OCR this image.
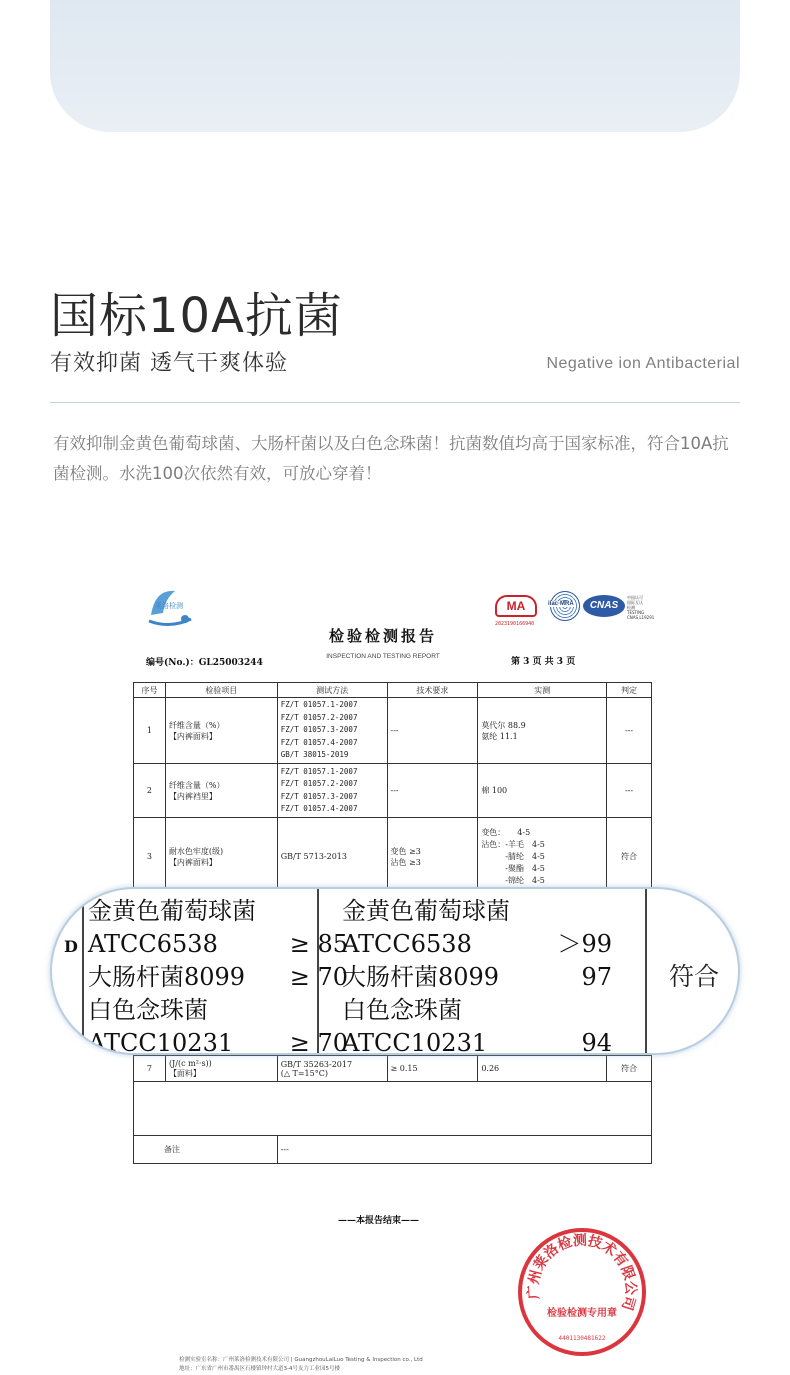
国标10A抗菌
有效抑菌 透气干爽体验	Negative ion Antibacterial
有效抑制金黄色葡萄球菌、大肠杆菌以及白色念珠菌！抗菌数值均高于国家标准，符合10A抗菌检测。水洗100次依然有效，可放心穿着！
莱洛检测	MA
2023190166940
ilac·MRA	CNAS
中国认可
国际互认
检测
TESTING
CNAS L19291
检验检测报告
INSPECTION AND TESTING REPORT
编号(No.)：GL25003244	第 3 页 共 3 页
序号	检验项目	测试方法	技术要求	实测	判定
1	纤维含量（%）
【内裤面料】	FZ/T 01057.1-2007
FZ/T 01057.2-2007
FZ/T 01057.3-2007
FZ/T 01057.4-2007
GB/T 38015-2019	---	莫代尔 88.9
氨纶 11.1	---
2	纤维含量（%）
【内裤裆里】	FZ/T 01057.1-2007
FZ/T 01057.2-2007
FZ/T 01057.3-2007
FZ/T 01057.4-2007	---	棉 100	---
3	耐水色牢度(级)
【内裤面料】	GB/T 5713-2013	变色 ≥3
沾色 ≥3	变色：　　4-5
沾色：-羊毛　4-5
　　　-腈纶　4-5
　　　-聚酯　4-5
　　　-锦纶　4-5	符合

7	(J/(c m²·s))
【面料】	GB/T 35263-2017
(△ T=15°C)	≥ 0.15	0.26	符合

备注		---			
——本报告结束——
广州莱洛检测技术有限公司
4401130481622
检验检测专用章
检测实验室名称：广州莱洛检测技术有限公司 | GuangzhouLaiLuo Testing & Inspection co., Ltd
地址：广东省广州市番禺区石楼镇钟村大道3-4号友力工业园5号楼
D
金黄色葡萄球菌
ATCC6538	≥ 85
大肠杆菌8099 ≥ 70
白色念珠菌
ATCC10231 ≥ 70
金黄色葡萄球菌
ATCC6538	＞99
大肠杆菌8099	97
白色念珠菌
ATCC10231	94
符合
